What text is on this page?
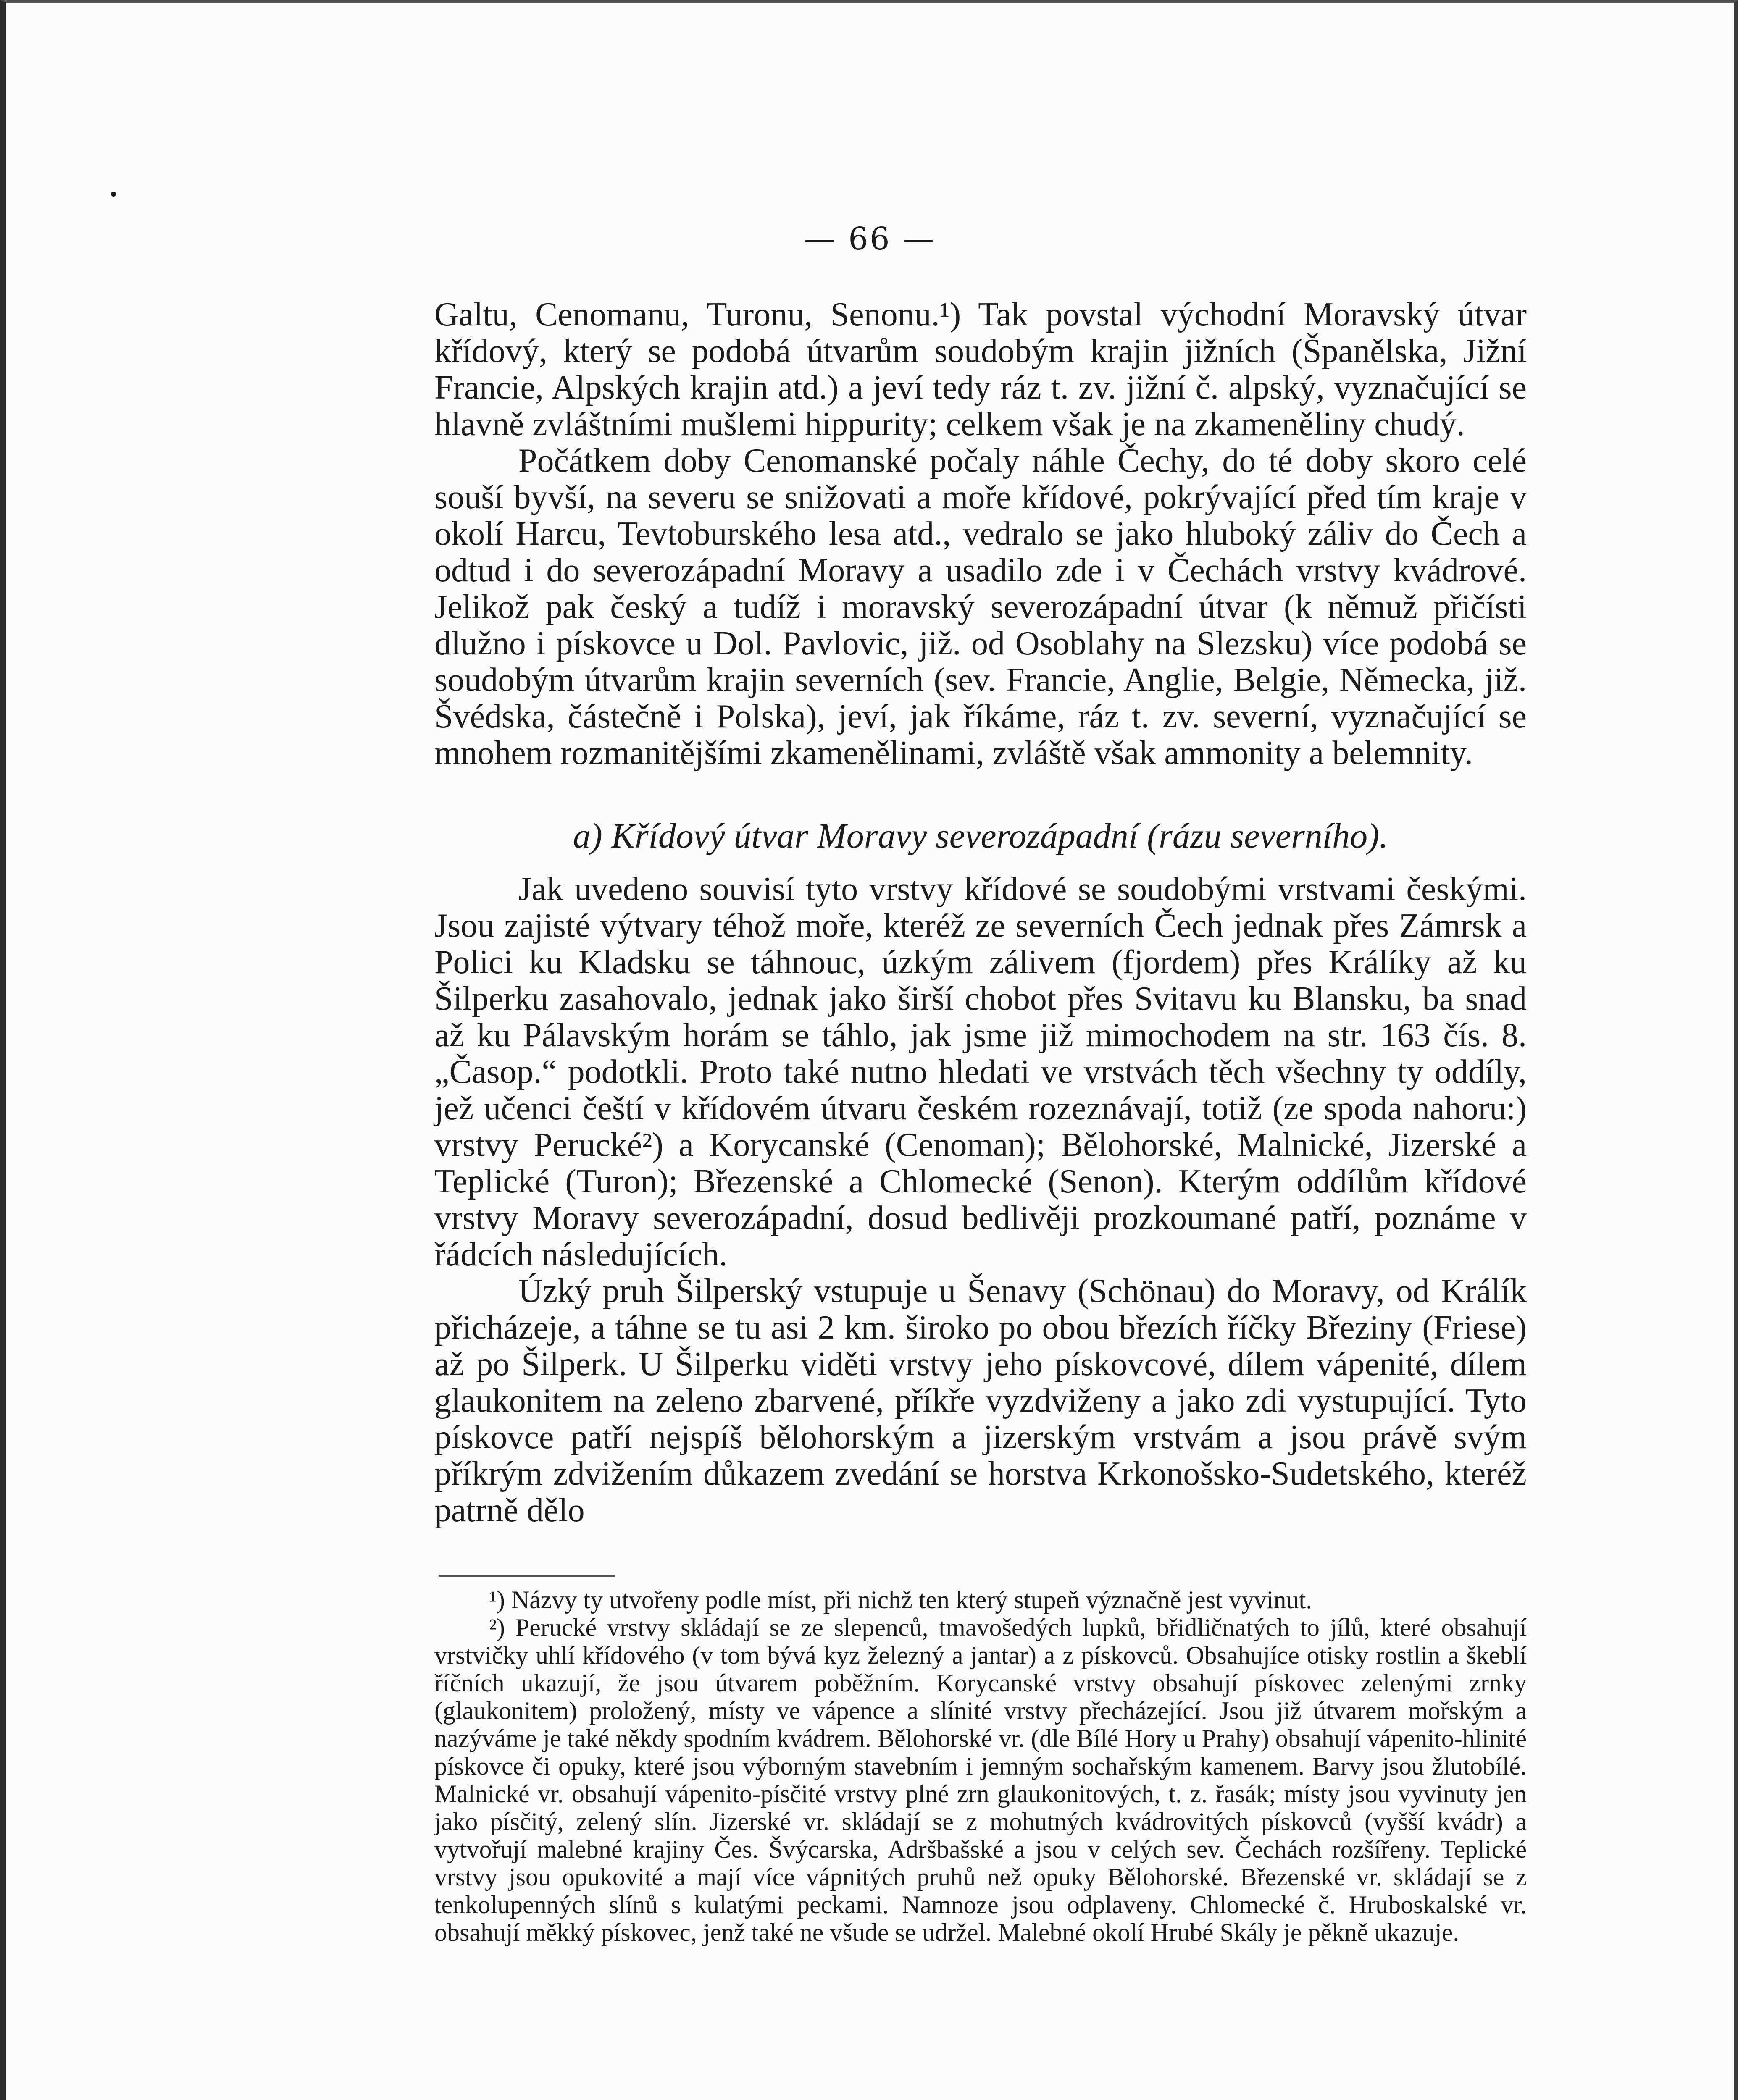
— 66 —

Galtu, Cenomanu, Turonu, Senonu.¹) Tak povstal východní Moravský útvar křídový, který se podobá útvarům soudobým krajin jižních (Španělska, Jižní Francie, Alpských krajin atd.) a jeví tedy ráz t. zv. jižní č. alpský, vyznačující se hlavně zvláštními mušlemi hippurity; celkem však je na zkameněliny chudý.

Počátkem doby Cenomanské počaly náhle Čechy, do té doby skoro celé souší byvší, na severu se snižovati a moře křídové, pokrývající před tím kraje v okolí Harcu, Tevtoburského lesa atd., vedralo se jako hluboký záliv do Čech a odtud i do severozápadní Moravy a usadilo zde i v Čechách vrstvy kvádrové. Jelikož pak český a tudíž i moravský severozápadní útvar (k němuž přičísti dlužno i pískovce u Dol. Pavlovic, již. od Osoblahy na Slezsku) více podobá se soudobým útvarům krajin severních (sev. Francie, Anglie, Belgie, Německa, již. Švédska, částečně i Polska), jeví, jak říkáme, ráz t. zv. severní, vyznačující se mnohem rozmanitějšími zkamenělinami, zvláště však ammonity a belemnity.

a) Křídový útvar Moravy severozápadní (rázu severního).

Jak uvedeno souvisí tyto vrstvy křídové se soudobými vrstvami českými. Jsou zajisté výtvary téhož moře, kteréž ze severních Čech jednak přes Zámrsk a Polici ku Kladsku se táhnouc, úzkým zálivem (fjordem) přes Králíky až ku Šilperku zasahovalo, jednak jako širší chobot přes Svitavu ku Blansku, ba snad až ku Pálavským horám se táhlo, jak jsme již mimochodem na str. 163 čís. 8. „Časop.“ podotkli. Proto také nutno hledati ve vrstvách těch všechny ty oddíly, jež učenci čeští v křídovém útvaru českém rozeznávají, totiž (ze spoda nahoru:) vrstvy Perucké²) a Korycanské (Cenoman); Bělohorské, Malnické, Jizerské a Teplické (Turon); Březenské a Chlomecké (Senon). Kterým oddílům křídové vrstvy Moravy severozápadní, dosud bedlivěji prozkoumané patří, poznáme v řádcích následujících.

Úzký pruh Šilperský vstupuje u Šenavy (Schönau) do Moravy, od Králík přicházeje, a táhne se tu asi 2 km. široko po obou březích říčky Březiny (Friese) až po Šilperk. U Šilperku viděti vrstvy jeho pískovcové, dílem vápenité, dílem glaukonitem na zeleno zbarvené, příkře vyzdviženy a jako zdi vystupující. Tyto pískovce patří nejspíš bělohorským a jizerským vrstvám a jsou právě svým příkrým zdvižením důkazem zvedání se horstva Krkonošsko-Sudetského, kteréž patrně dělo

¹) Názvy ty utvořeny podle míst, při nichž ten který stupeň význačně jest vyvinut.

²) Perucké vrstvy skládají se ze slepenců, tmavošedých lupků, břidličnatých to jílů, které obsahují vrstvičky uhlí křídového (v tom bývá kyz železný a jantar) a z pískovců. Obsahujíce otisky rostlin a škeblí říčních ukazují, že jsou útvarem poběžním. Korycanské vrstvy obsahují pískovec zelenými zrnky (glaukonitem) proložený, místy ve vápence a slínité vrstvy přecházející. Jsou již útvarem mořským a nazýváme je také někdy spodním kvádrem. Bělohorské vr. (dle Bílé Hory u Prahy) obsahují vápenito-hlinité pískovce či opuky, které jsou výborným stavebním i jemným sochařským kamenem. Barvy jsou žlutobílé. Malnické vr. obsahují vápenito-písčité vrstvy plné zrn glaukonitových, t. z. řasák; místy jsou vyvinuty jen jako písčitý, zelený slín. Jizerské vr. skládají se z mohutných kvádrovitých pískovců (vyšší kvádr) a vytvořují malebné krajiny Čes. Švýcarska, Adršbašské a jsou v celých sev. Čechách rozšířeny. Teplické vrstvy jsou opukovité a mají více vápnitých pruhů než opuky Bělohorské. Březenské vr. skládají se z tenkolupenných slínů s kulatými peckami. Namnoze jsou odplaveny. Chlomecké č. Hruboskalské vr. obsahují měkký pískovec, jenž také ne všude se udržel. Malebné okolí Hrubé Skály je pěkně ukazuje.
